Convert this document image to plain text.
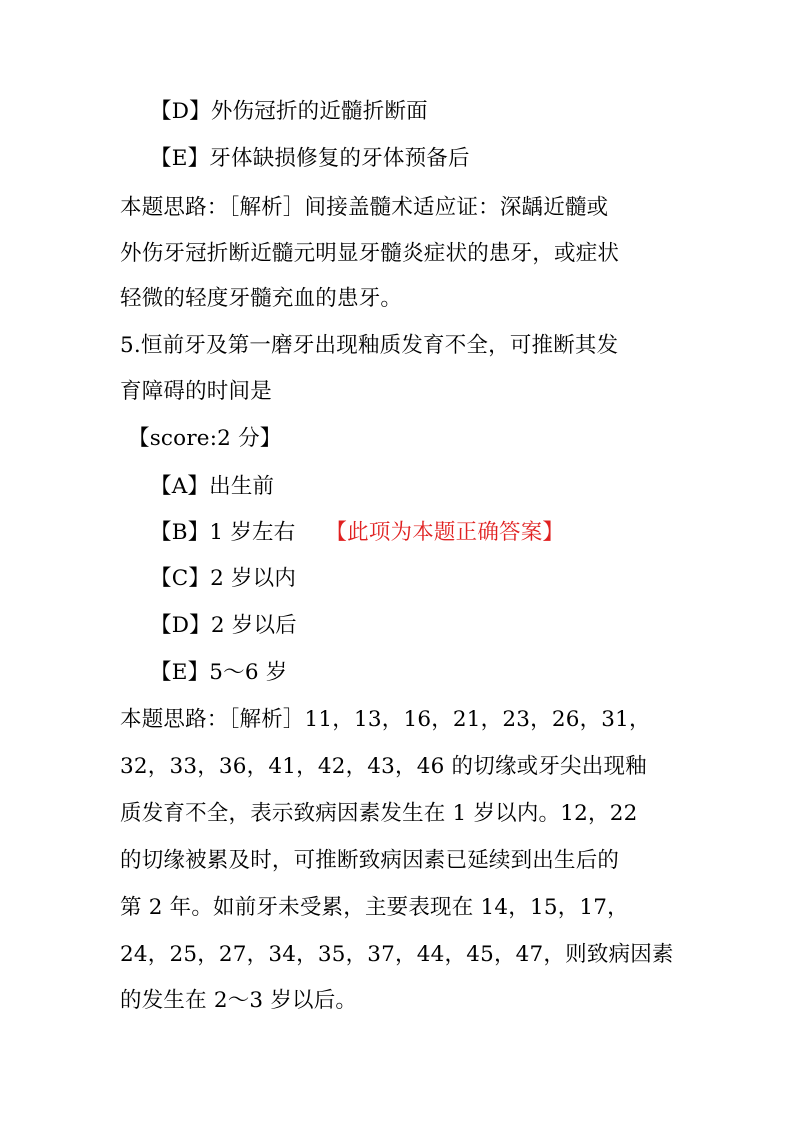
【D】外伤冠折的近髓折断面
【E】牙体缺损修复的牙体预备后
本题思路：［解析］间接盖髓术适应证：深龋近髓或
外伤牙冠折断近髓元明显牙髓炎症状的患牙，或症状
轻微的轻度牙髓充血的患牙。
5.恒前牙及第一磨牙出现釉质发育不全，可推断其发
育障碍的时间是
【score:2 分】
【A】出生前
【B】1 岁左右 【此项为本题正确答案】
【C】2 岁以内
【D】2 岁以后
【E】5～6 岁
本题思路：［解析］11，13，16，21，23，26，31，
32，33，36，41，42，43，46 的切缘或牙尖出现釉
质发育不全，表示致病因素发生在 1 岁以内。12，22
的切缘被累及时，可推断致病因素已延续到出生后的
第 2 年。如前牙未受累，主要表现在 14，15，17，
24，25，27，34，35，37，44，45，47，则致病因素
的发生在 2～3 岁以后。
